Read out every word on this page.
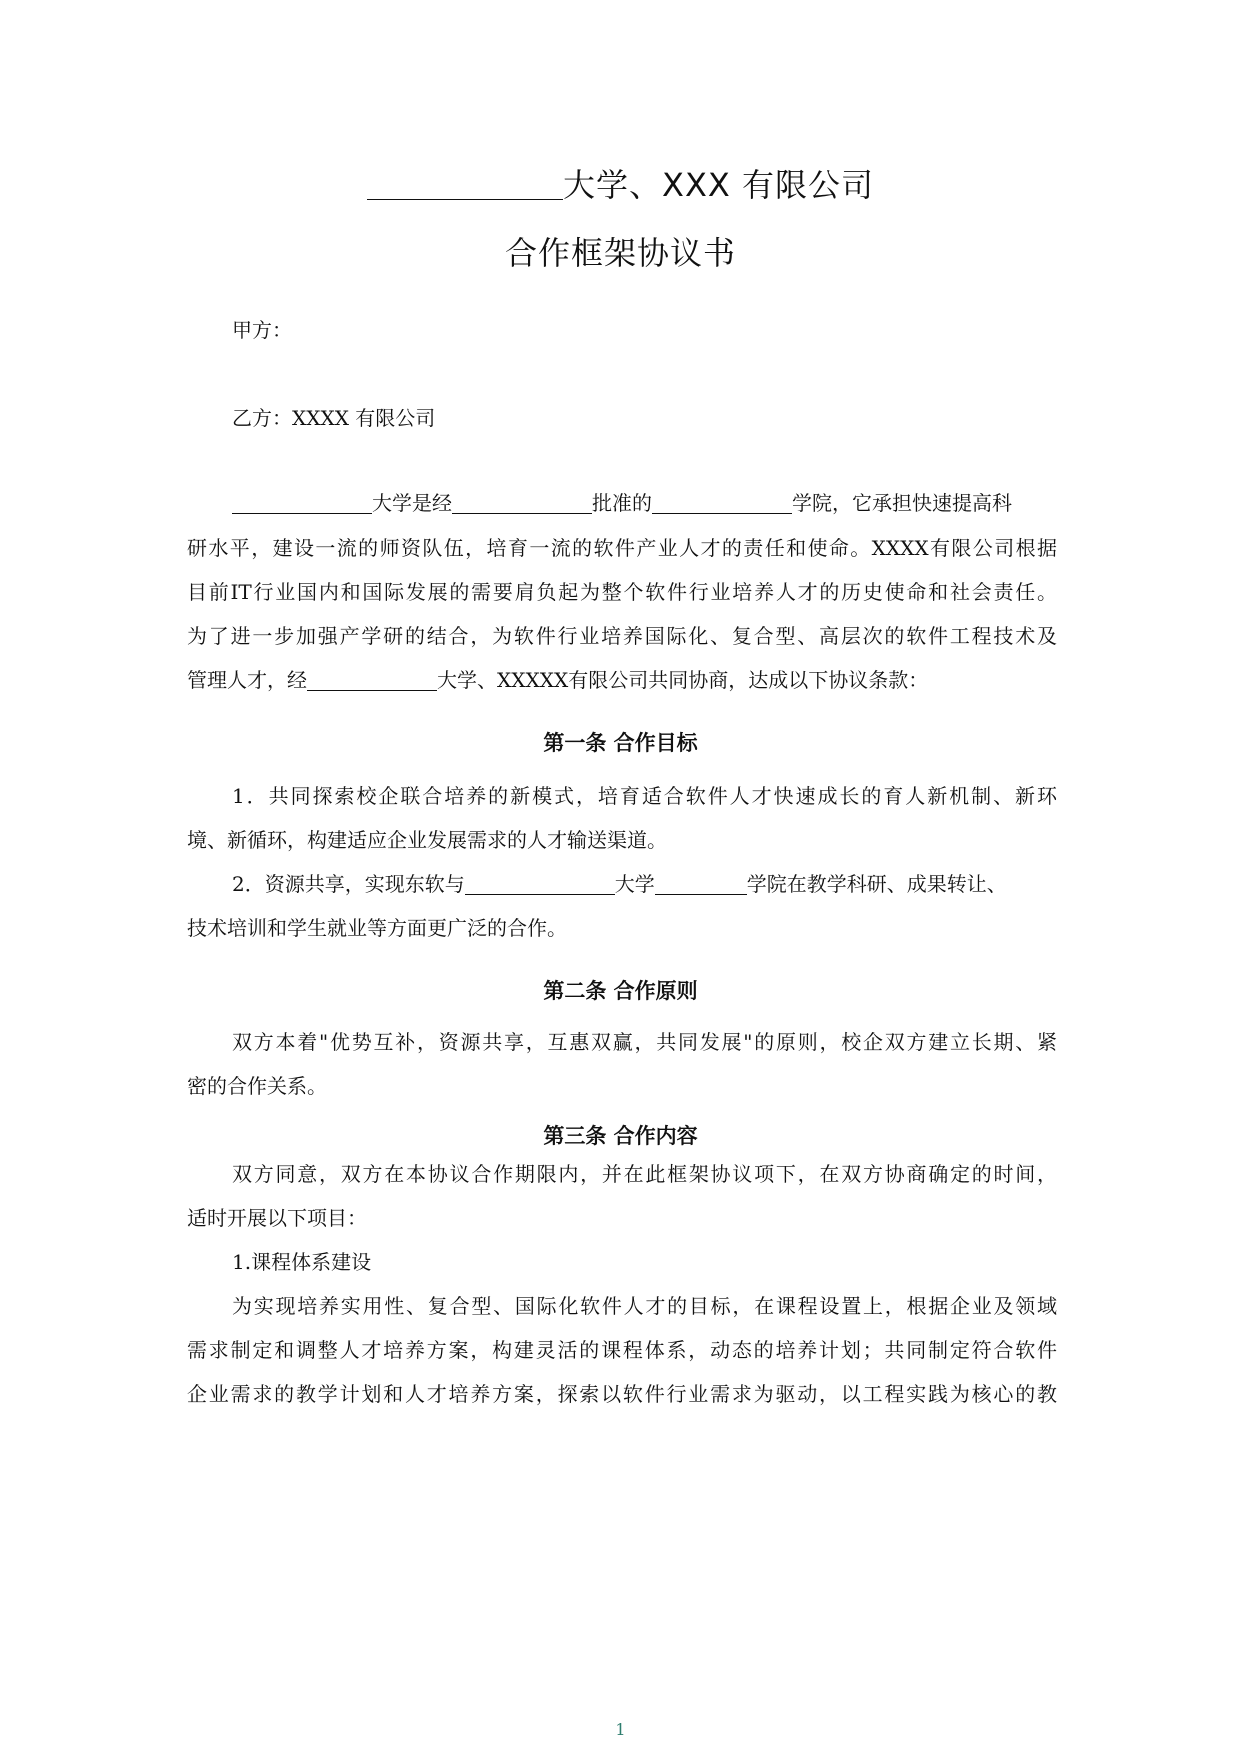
大学、XXX 有限公司
合作框架协议书
甲方：
乙方：XXXX 有限公司
大学是经	批准的	学院，它承担快速提高科
研水平，建设一流的师资队伍，培育一流的软件产业人才的责任和使命。XXXX有限公司根据
目前IT行业国内和国际发展的需要肩负起为整个软件行业培养人才的历史使命和社会责任。
为了进一步加强产学研的结合，为软件行业培养国际化、复合型、高层次的软件工程技术及
管理人才，经	大学、XXXXX有限公司共同协商，达成以下协议条款：
第一条 合作目标
1．共同探索校企联合培养的新模式，培育适合软件人才快速成长的育人新机制、新环
境、新循环，构建适应企业发展需求的人才输送渠道。
2．资源共享，实现东软与	大学	学院在教学科研、成果转让、
技术培训和学生就业等方面更广泛的合作。
第二条 合作原则
双方本着"优势互补，资源共享，互惠双赢，共同发展"的原则，校企双方建立长期、紧
密的合作关系。
第三条 合作内容
双方同意，双方在本协议合作期限内，并在此框架协议项下，在双方协商确定的时间，
适时开展以下项目：
1.课程体系建设
为实现培养实用性、复合型、国际化软件人才的目标，在课程设置上，根据企业及领域
需求制定和调整人才培养方案，构建灵活的课程体系，动态的培养计划；共同制定符合软件
企业需求的教学计划和人才培养方案，探索以软件行业需求为驱动，以工程实践为核心的教
1
